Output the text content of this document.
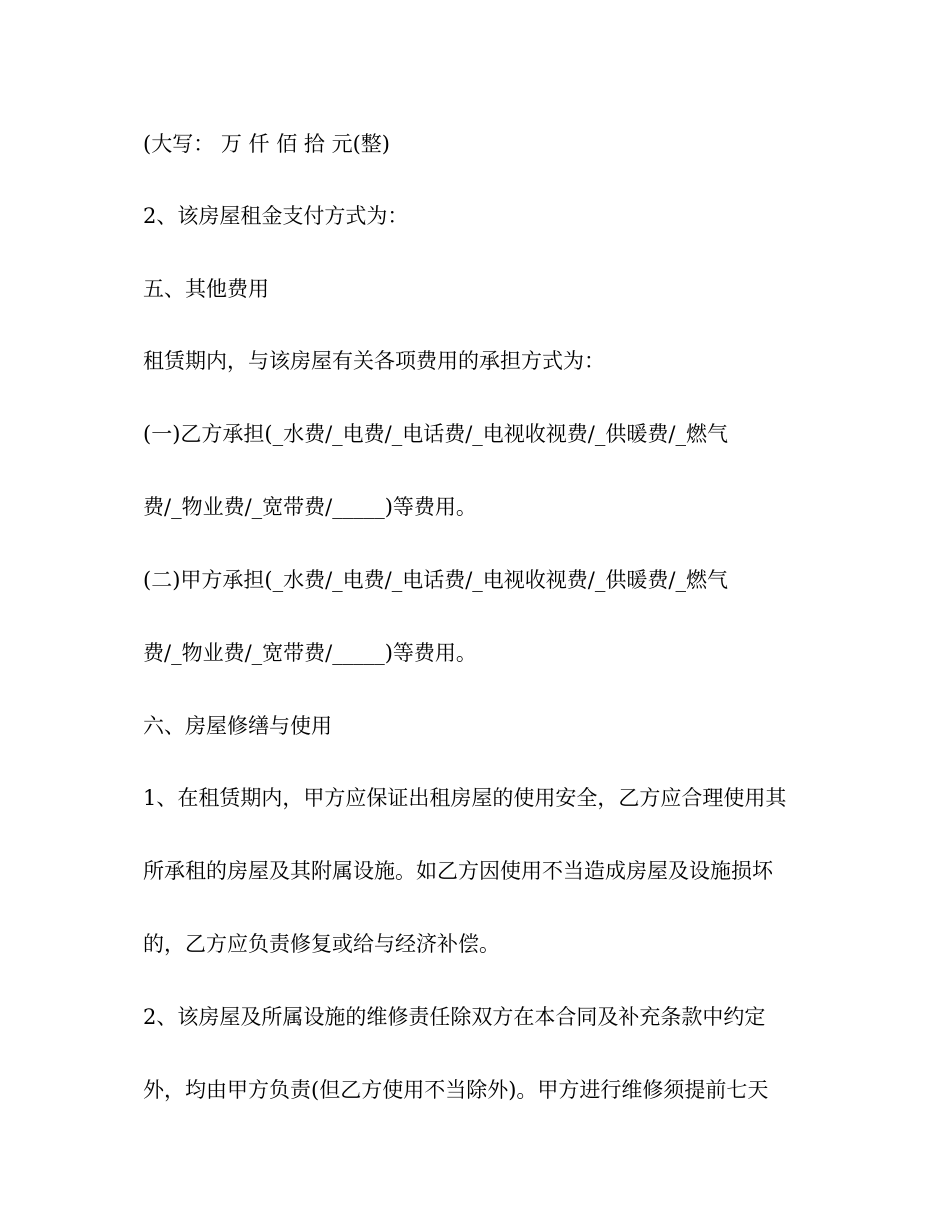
(大写： 万 仟 佰 拾 元(整)

2、该房屋租金支付方式为：

五、其他费用

租赁期内，与该房屋有关各项费用的承担方式为：

(一)乙方承担(_水费/_电费/_电话费/_电视收视费/_供暖费/_燃气

费/_物业费/_宽带费/_____)等费用。

(二)甲方承担(_水费/_电费/_电话费/_电视收视费/_供暖费/_燃气

费/_物业费/_宽带费/_____)等费用。

六、房屋修缮与使用

1、在租赁期内，甲方应保证出租房屋的使用安全，乙方应合理使用其

所承租的房屋及其附属设施。如乙方因使用不当造成房屋及设施损坏

的，乙方应负责修复或给与经济补偿。

2、该房屋及所属设施的维修责任除双方在本合同及补充条款中约定

外，均由甲方负责(但乙方使用不当除外)。甲方进行维修须提前七天
